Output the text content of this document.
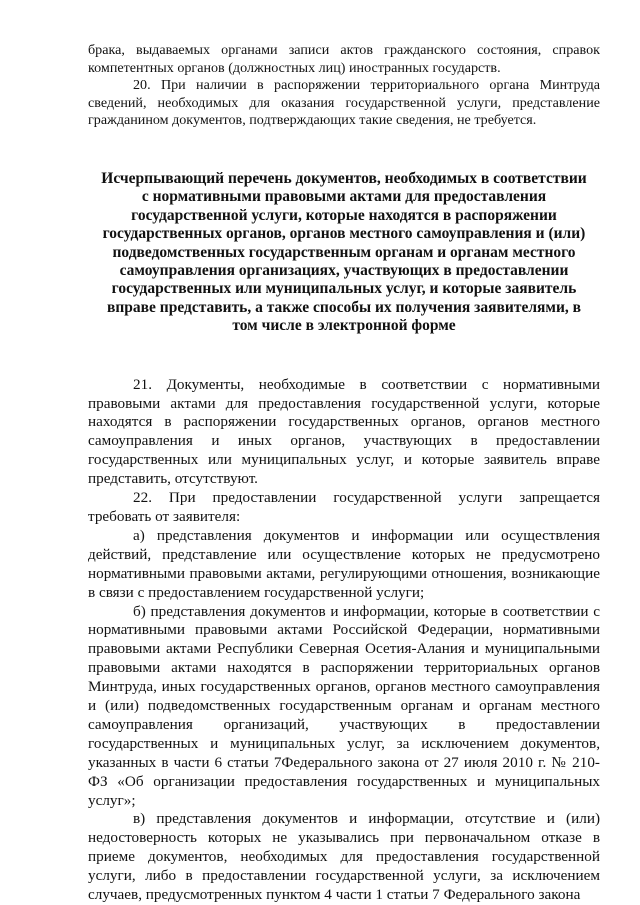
брака, выдаваемых органами записи актов гражданского состояния, справок компетентных органов (должностных лиц) иностранных государств.

20. При наличии в распоряжении территориального органа Минтруда сведений, необходимых для оказания государственной услуги, представление гражданином документов, подтверждающих такие сведения, не требуется.

Исчерпывающий перечень документов, необходимых в соответствии с нормативными правовыми актами для предоставления государственной услуги, которые находятся в распоряжении государственных органов, органов местного самоуправления и (или) подведомственных государственным органам и органам местного самоуправления организациях, участвующих в предоставлении государственных или муниципальных услуг, и которые заявитель вправе представить, а также способы их получения заявителями, в том числе в электронной форме

21. Документы, необходимые в соответствии с нормативными правовыми актами для предоставления государственной услуги, которые находятся в распоряжении государственных органов, органов местного самоуправления и иных органов, участвующих в предоставлении государственных или муниципальных услуг, и которые заявитель вправе представить, отсутствуют.

22. При предоставлении государственной услуги запрещается требовать от заявителя:

а) представления документов и информации или осуществления действий, представление или осуществление которых не предусмотрено нормативными правовыми актами, регулирующими отношения, возникающие в связи с предоставлением государственной услуги;

б) представления документов и информации, которые в соответствии с нормативными правовыми актами Российской Федерации, нормативными правовыми актами Республики Северная Осетия-Алания и муниципальными правовыми актами находятся в распоряжении территориальных органов Минтруда, иных государственных органов, органов местного самоуправления и (или) подведомственных государственным органам и органам местного самоуправления организаций, участвующих в предоставлении государственных и муниципальных услуг, за исключением документов, указанных в части 6 статьи 7Федерального закона от 27 июля 2010 г. № 210-ФЗ «Об организации предоставления государственных и муниципальных услуг»;

в) представления документов и информации, отсутствие и (или) недостоверность которых не указывались при первоначальном отказе в приеме документов, необходимых для предоставления государственной услуги, либо в предоставлении государственной услуги, за исключением случаев, предусмотренных пунктом 4 части 1 статьи 7 Федерального закона
